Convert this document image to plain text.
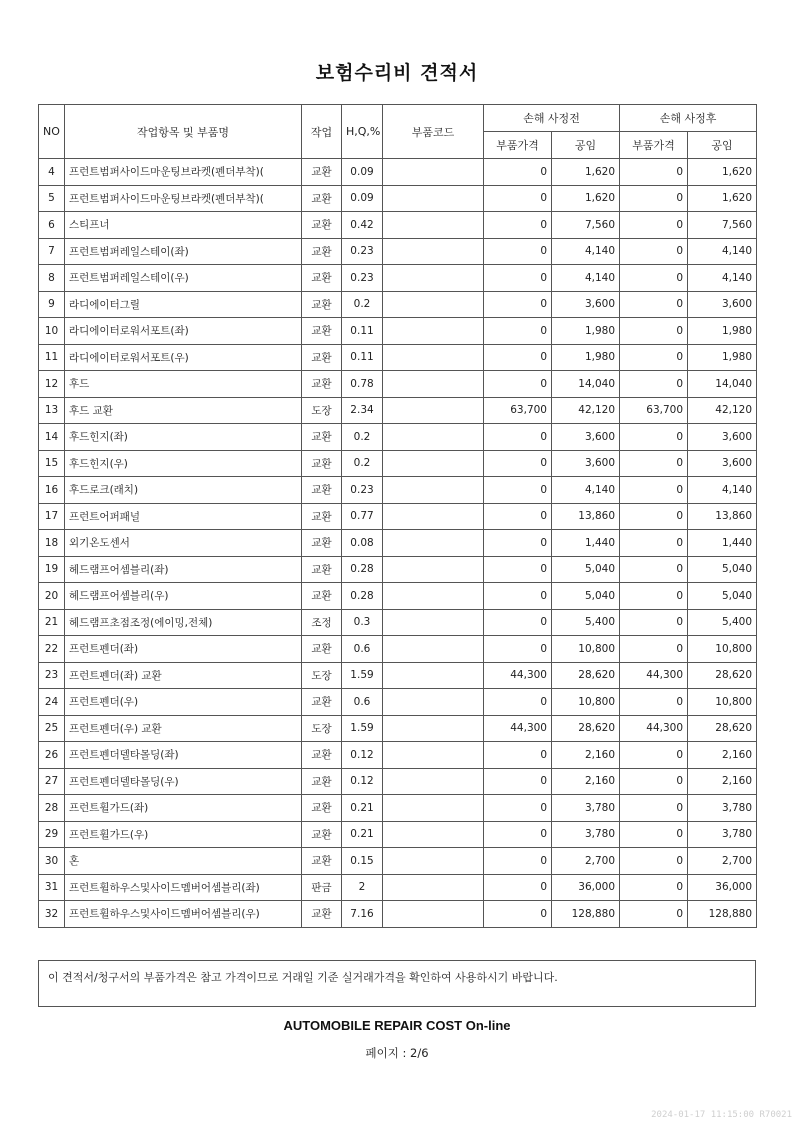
보험수리비 견적서
NO	작업항목 및 부품명	작업	H,Q,%	부품코드	손해 사정전		손해 사정후	
					부품가격	공임	부품가격	공임
4	프런트범퍼사이드마운팅브라켓(펜더부착)(	교환	0.09		0	1,620	0	1,620
5	프런트범퍼사이드마운팅브라켓(펜더부착)(	교환	0.09		0	1,620	0	1,620
6	스티프너	교환	0.42		0	7,560	0	7,560
7	프런트범퍼레일스테이(좌)	교환	0.23		0	4,140	0	4,140
8	프런트범퍼레일스테이(우)	교환	0.23		0	4,140	0	4,140
9	라디에이터그릴	교환	0.2		0	3,600	0	3,600
10	라디에이터로워서포트(좌)	교환	0.11		0	1,980	0	1,980
11	라디에이터로워서포트(우)	교환	0.11		0	1,980	0	1,980
12	후드	교환	0.78		0	14,040	0	14,040
13	후드 교환	도장	2.34		63,700	42,120	63,700	42,120
14	후드힌지(좌)	교환	0.2		0	3,600	0	3,600
15	후드힌지(우)	교환	0.2		0	3,600	0	3,600
16	후드로크(래치)	교환	0.23		0	4,140	0	4,140
17	프런트어퍼패널	교환	0.77		0	13,860	0	13,860
18	외기온도센서	교환	0.08		0	1,440	0	1,440
19	헤드램프어셈블리(좌)	교환	0.28		0	5,040	0	5,040
20	헤드램프어셈블리(우)	교환	0.28		0	5,040	0	5,040
21	헤드램프초점조정(에이밍,전체)	조정	0.3		0	5,400	0	5,400
22	프런트펜더(좌)	교환	0.6		0	10,800	0	10,800
23	프런트펜더(좌) 교환	도장	1.59		44,300	28,620	44,300	28,620
24	프런트펜더(우)	교환	0.6		0	10,800	0	10,800
25	프런트펜더(우) 교환	도장	1.59		44,300	28,620	44,300	28,620
26	프런트펜더델타몰딩(좌)	교환	0.12		0	2,160	0	2,160
27	프런트펜더델타몰딩(우)	교환	0.12		0	2,160	0	2,160
28	프런트휠가드(좌)	교환	0.21		0	3,780	0	3,780
29	프런트휠가드(우)	교환	0.21		0	3,780	0	3,780
30	혼	교환	0.15		0	2,700	0	2,700
31	프런트휠하우스및사이드멤버어셈블리(좌)	판금	2		0	36,000	0	36,000
32	프런트휠하우스및사이드멤버어셈블리(우)	교환	7.16		0	128,880	0	128,880
이 견적서/청구서의 부품가격은 참고 가격이므로 거래일 기준 실거래가격을 확인하여 사용하시기 바랍니다.
AUTOMOBILE REPAIR COST On-line
페이지 : 2/6
2024-01-17 11:15:00 R70021
